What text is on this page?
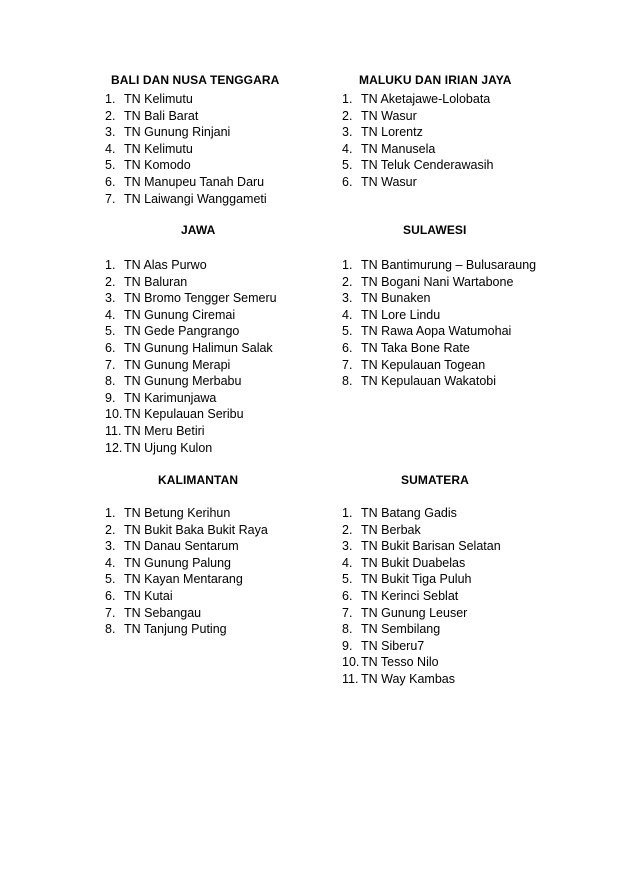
BALI DAN NUSA TENGGARA
1. TN Kelimutu
2. TN Bali Barat
3. TN Gunung Rinjani
4. TN Kelimutu
5. TN Komodo
6. TN Manupeu Tanah Daru
7. TN Laiwangi Wanggameti
JAWA
1. TN Alas Purwo
2. TN Baluran
3. TN Bromo Tengger Semeru
4. TN Gunung Ciremai
5. TN Gede Pangrango
6. TN Gunung Halimun Salak
7. TN Gunung Merapi
8. TN Gunung Merbabu
9. TN Karimunjawa
10. TN Kepulauan Seribu
11. TN Meru Betiri
12. TN Ujung Kulon
KALIMANTAN
1. TN Betung Kerihun
2. TN Bukit Baka Bukit Raya
3. TN Danau Sentarum
4. TN Gunung Palung
5. TN Kayan Mentarang
6. TN Kutai
7. TN Sebangau
8. TN Tanjung Puting
MALUKU DAN IRIAN JAYA
1. TN Aketajawe-Lolobata
2. TN Wasur
3. TN Lorentz
4. TN Manusela
5. TN Teluk Cenderawasih
6. TN Wasur
SULAWESI
1. TN Bantimurung – Bulusaraung
2. TN Bogani Nani Wartabone
3. TN Bunaken
4. TN Lore Lindu
5. TN Rawa Aopa Watumohai
6. TN Taka Bone Rate
7. TN Kepulauan Togean
8. TN Kepulauan Wakatobi
SUMATERA
1. TN Batang Gadis
2. TN Berbak
3. TN Bukit Barisan Selatan
4. TN Bukit Duabelas
5. TN Bukit Tiga Puluh
6. TN Kerinci Seblat
7. TN Gunung Leuser
8. TN Sembilang
9. TN Siberu7
10. TN Tesso Nilo
11. TN Way Kambas
